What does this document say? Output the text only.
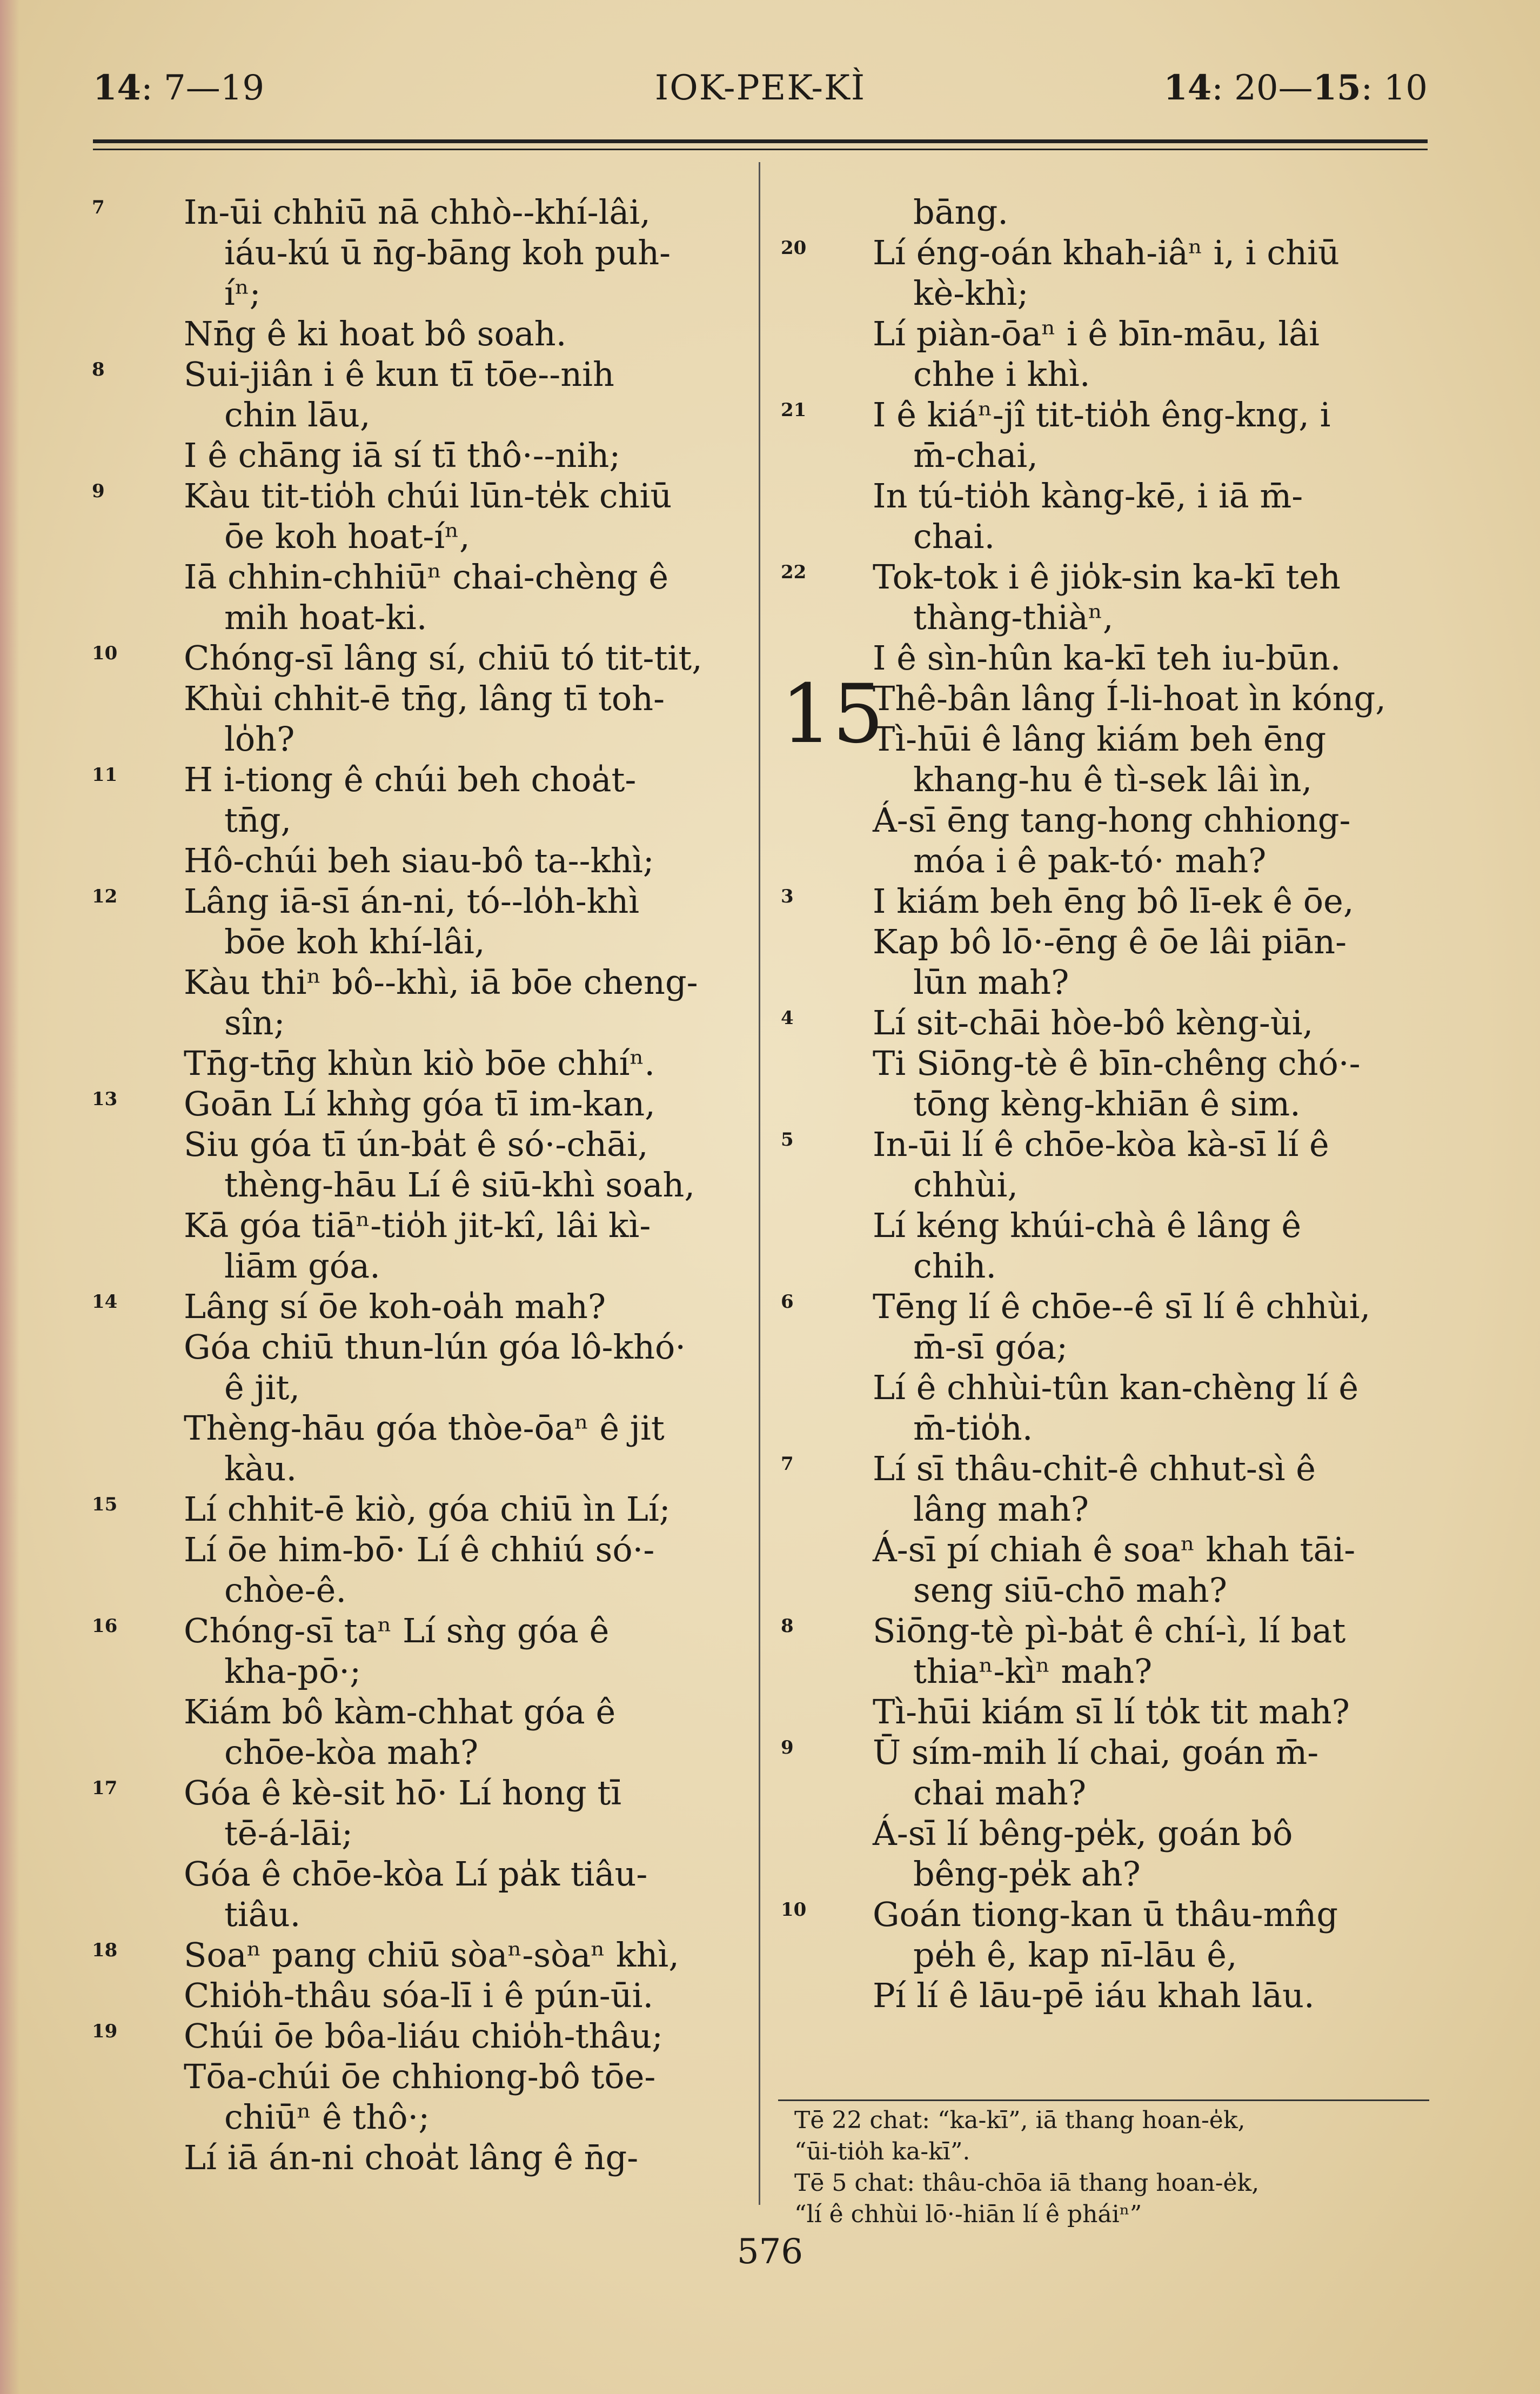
14: 7—19	IOK-PEK-KÌ	14: 20—15: 10
7 In-ūi chhiū nā chhò--khí-lâi,
iáu-kú ū n̄g-bāng koh puh-
íⁿ;
Nn̄g ê ki hoat bô soah.
8 Sui-jiân i ê kun tī tōe--nih
chin lāu,
I ê chāng iā sí tī thô·--nih;
9 Kàu tit-tio̍h chúi lūn-te̍k chiū
ōe koh hoat-íⁿ,
Iā chhin-chhiūⁿ chai-chèng ê
mih hoat-ki.
10 Chóng-sī lâng sí, chiū tó tit-tit,
Khùi chhit-ē tn̄g, lâng tī toh-
lo̍h?
11 H i-tiong ê chúi beh choa̍t-
tn̄g,
Hô-chúi beh siau-bô ta--khì;
12 Lâng iā-sī án-ni, tó--lo̍h-khì
bōe koh khí-lâi,
Kàu thiⁿ bô--khì, iā bōe cheng-
sîn;
Tn̄g-tn̄g khùn kiò bōe chhíⁿ.
13 Goān Lí khǹg góa tī im-kan,
Siu góa tī ún-ba̍t ê só·-chāi,
thèng-hāu Lí ê siū-khì soah,
Kā góa tiāⁿ-tio̍h jit-kî, lâi kì-
liām góa.
14 Lâng sí ōe koh-oa̍h mah?
Góa chiū thun-lún góa lô-khó·
ê jit,
Thèng-hāu góa thòe-ōaⁿ ê jit
kàu.
15 Lí chhit-ē kiò, góa chiū ìn Lí;
Lí ōe him-bō· Lí ê chhiú só·-
chòe-ê.
16 Chóng-sī taⁿ Lí sǹg góa ê
kha-pō·;
Kiám bô kàm-chhat góa ê
chōe-kòa mah?
17 Góa ê kè-sit hō· Lí hong tī
tē-á-lāi;
Góa ê chōe-kòa Lí pa̍k tiâu-
tiâu.
18 Soaⁿ pang chiū sòaⁿ-sòaⁿ khì,
Chio̍h-thâu sóa-lī i ê pún-ūi.
19 Chúi ōe bôa-liáu chio̍h-thâu;
Tōa-chúi ōe chhiong-bô tōe-
chiūⁿ ê thô·;
Lí iā án-ni choa̍t lâng ê n̄g-
bāng.
20 Lí éng-oán khah-iâⁿ i, i chiū
kè-khì;
Lí piàn-ōaⁿ i ê bīn-māu, lâi
chhe i khì.
21 I ê kiáⁿ-jî tit-tio̍h êng-kng, i
m̄-chai,
In tú-tio̍h kàng-kē, i iā m̄-
chai.
22 Tok-tok i ê jio̍k-sin ka-kī teh
thàng-thiàⁿ,
I ê sìn-hûn ka-kī teh iu-būn.
15
Thê-bân lâng Í-li-hoat ìn kóng,
Tì-hūi ê lâng kiám beh ēng
khang-hu ê tì-sek lâi ìn,
Á-sī ēng tang-hong chhiong-
móa i ê pak-tó· mah?
3 I kiám beh ēng bô lī-ek ê ōe,
Kap bô lō·-ēng ê ōe lâi piān-
lūn mah?
4 Lí sit-chāi hòe-bô kèng-ùi,
Ti Siōng-tè ê bīn-chêng chó·-
tōng kèng-khiān ê sim.
5 In-ūi lí ê chōe-kòa kà-sī lí ê
chhùi,
Lí kéng khúi-chà ê lâng ê
chih.
6 Tēng lí ê chōe--ê sī lí ê chhùi,
m̄-sī góa;
Lí ê chhùi-tûn kan-chèng lí ê
m̄-tio̍h.
7 Lí sī thâu-chit-ê chhut-sì ê
lâng mah?
Á-sī pí chiah ê soaⁿ khah tāi-
seng siū-chō mah?
8 Siōng-tè pì-ba̍t ê chí-ì, lí bat
thiaⁿ-kìⁿ mah?
Tì-hūi kiám sī lí to̍k tit mah?
9 Ū sím-mih lí chai, goán m̄-
chai mah?
Á-sī lí bêng-pe̍k, goán bô
bêng-pe̍k ah?
10 Goán tiong-kan ū thâu-mn̂g
pe̍h ê, kap nī-lāu ê,
Pí lí ê lāu-pē iáu khah lāu.
Tē 22 chat: “ka-kī”, iā thang hoan-e̍k,
“ūi-tio̍h ka-kī”.
Tē 5 chat: thâu-chōa iā thang hoan-e̍k,
“lí ê chhùi lō·-hiān lí ê pháiⁿ”
576
